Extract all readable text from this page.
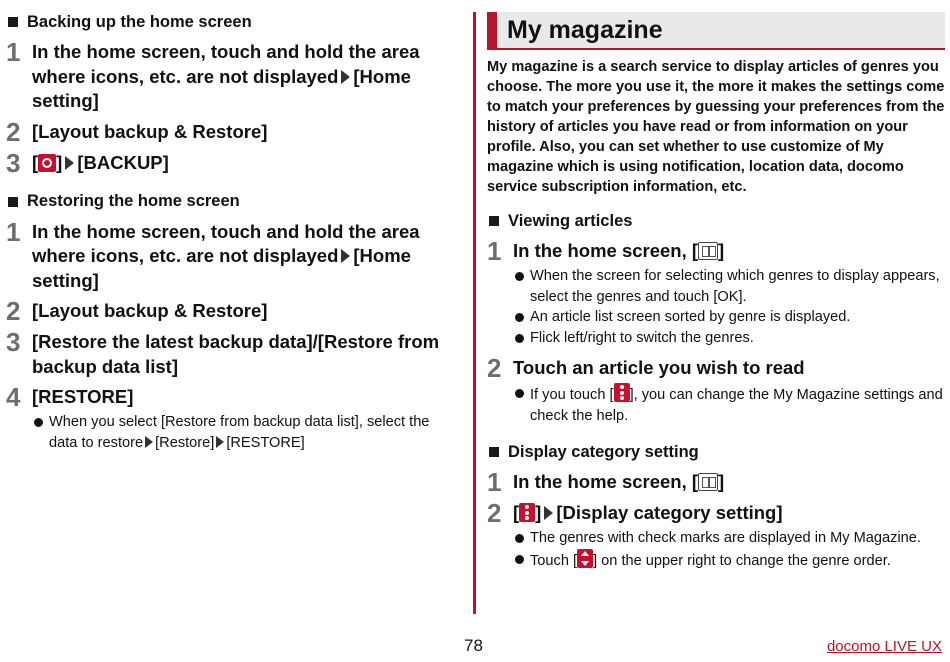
Backing up the home screen
1 In the home screen, touch and hold the area where icons, etc. are not displayed [Home setting]
2 [Layout backup & Restore]
3 [ ] [BACKUP]
Restoring the home screen
1 In the home screen, touch and hold the area where icons, etc. are not displayed [Home setting]
2 [Layout backup & Restore]
3 [Restore the latest backup data]/[Restore from backup data list]
4 [RESTORE]
When you select [Restore from backup data list], select the data to restore [Restore] [RESTORE]
My magazine
My magazine is a search service to display articles of genres you choose. The more you use it, the more it makes the settings come to match your preferences by guessing your preferences from the history of articles you have read or from information on your profile. Also, you can set whether to use customize of My magazine which is using notification, location data, docomo service subscription information, etc.
Viewing articles
1 In the home screen, [ ]
When the screen for selecting which genres to display appears, select the genres and touch [OK].
An article list screen sorted by genre is displayed.
Flick left/right to switch the genres.
2 Touch an article you wish to read
If you touch [ ], you can change the My Magazine settings and check the help.
Display category setting
1 In the home screen, [ ]
2 [ ] [Display category setting]
The genres with check marks are displayed in My Magazine.
Touch [ ] on the upper right to change the genre order.
78	docomo LIVE UX
